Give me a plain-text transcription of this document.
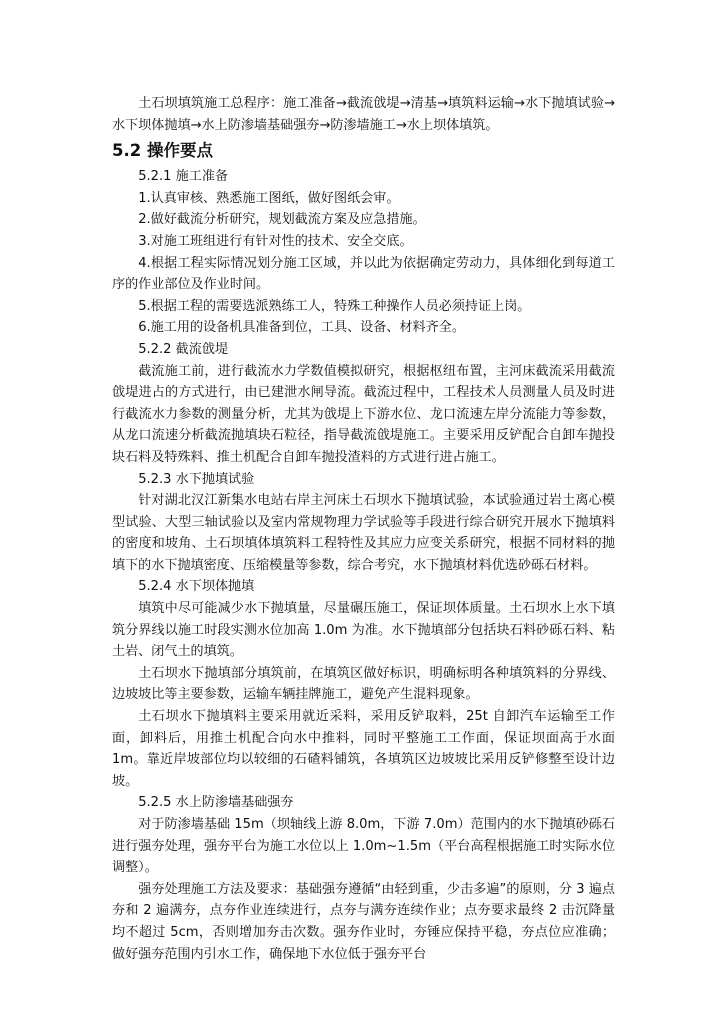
土石坝填筑施工总程序：施工准备→截流戗堤→清基→填筑料运输→水下抛填试验→水下坝体抛填→水上防渗墙基础强夯→防渗墙施工→水上坝体填筑。

5.2 操作要点

5.2.1 施工准备

1.认真审核、熟悉施工图纸，做好图纸会审。

2.做好截流分析研究，规划截流方案及应急措施。

3.对施工班组进行有针对性的技术、安全交底。

4.根据工程实际情况划分施工区域，并以此为依据确定劳动力，具体细化到每道工序的作业部位及作业时间。

5.根据工程的需要选派熟练工人，特殊工种操作人员必须持证上岗。

6.施工用的设备机具准备到位，工具、设备、材料齐全。

5.2.2 截流戗堤

截流施工前，进行截流水力学数值模拟研究，根据枢纽布置，主河床截流采用截流戗堤进占的方式进行，由已建泄水闸导流。截流过程中，工程技术人员测量人员及时进行截流水力参数的测量分析，尤其为戗堤上下游水位、龙口流速左岸分流能力等参数，从龙口流速分析截流抛填块石粒径，指导截流戗堤施工。主要采用反铲配合自卸车抛投块石料及特殊料、推土机配合自卸车抛投渣料的方式进行进占施工。

5.2.3 水下抛填试验

针对湖北汉江新集水电站右岸主河床土石坝水下抛填试验，本试验通过岩土离心模型试验、大型三轴试验以及室内常规物理力学试验等手段进行综合研究开展水下抛填料的密度和坡角、土石坝填体填筑料工程特性及其应力应变关系研究，根据不同材料的抛填下的水下抛填密度、压缩模量等参数，综合考究，水下抛填材料优选砂砾石材料。

5.2.4 水下坝体抛填

填筑中尽可能减少水下抛填量，尽量碾压施工，保证坝体质量。土石坝水上水下填筑分界线以施工时段实测水位加高 1.0m 为准。水下抛填部分包括块石料砂砾石料、粘土岩、闭气土的填筑。

土石坝水下抛填部分填筑前，在填筑区做好标识，明确标明各种填筑料的分界线、边坡坡比等主要参数，运输车辆挂牌施工，避免产生混料现象。

土石坝水下抛填料主要采用就近采料，采用反铲取料，25t 自卸汽车运输至工作面，卸料后，用推土机配合向水中推料，同时平整施工工作面，保证坝面高于水面 1m。靠近岸坡部位均以较细的石碴料铺筑，各填筑区边坡坡比采用反铲修整至设计边坡。

5.2.5 水上防渗墙基础强夯

对于防渗墙基础 15m（坝轴线上游 8.0m，下游 7.0m）范围内的水下抛填砂砾石进行强夯处理，强夯平台为施工水位以上 1.0m~1.5m（平台高程根据施工时实际水位调整）。

强夯处理施工方法及要求：基础强夯遵循“由轻到重，少击多遍”的原则，分 3 遍点夯和 2 遍满夯，点夯作业连续进行，点夯与满夯连续作业；点夯要求最终 2 击沉降量均不超过 5cm，否则增加夯击次数。强夯作业时，夯锤应保持平稳，夯点位应准确；做好强夯范围内引水工作，确保地下水位低于强夯平台
